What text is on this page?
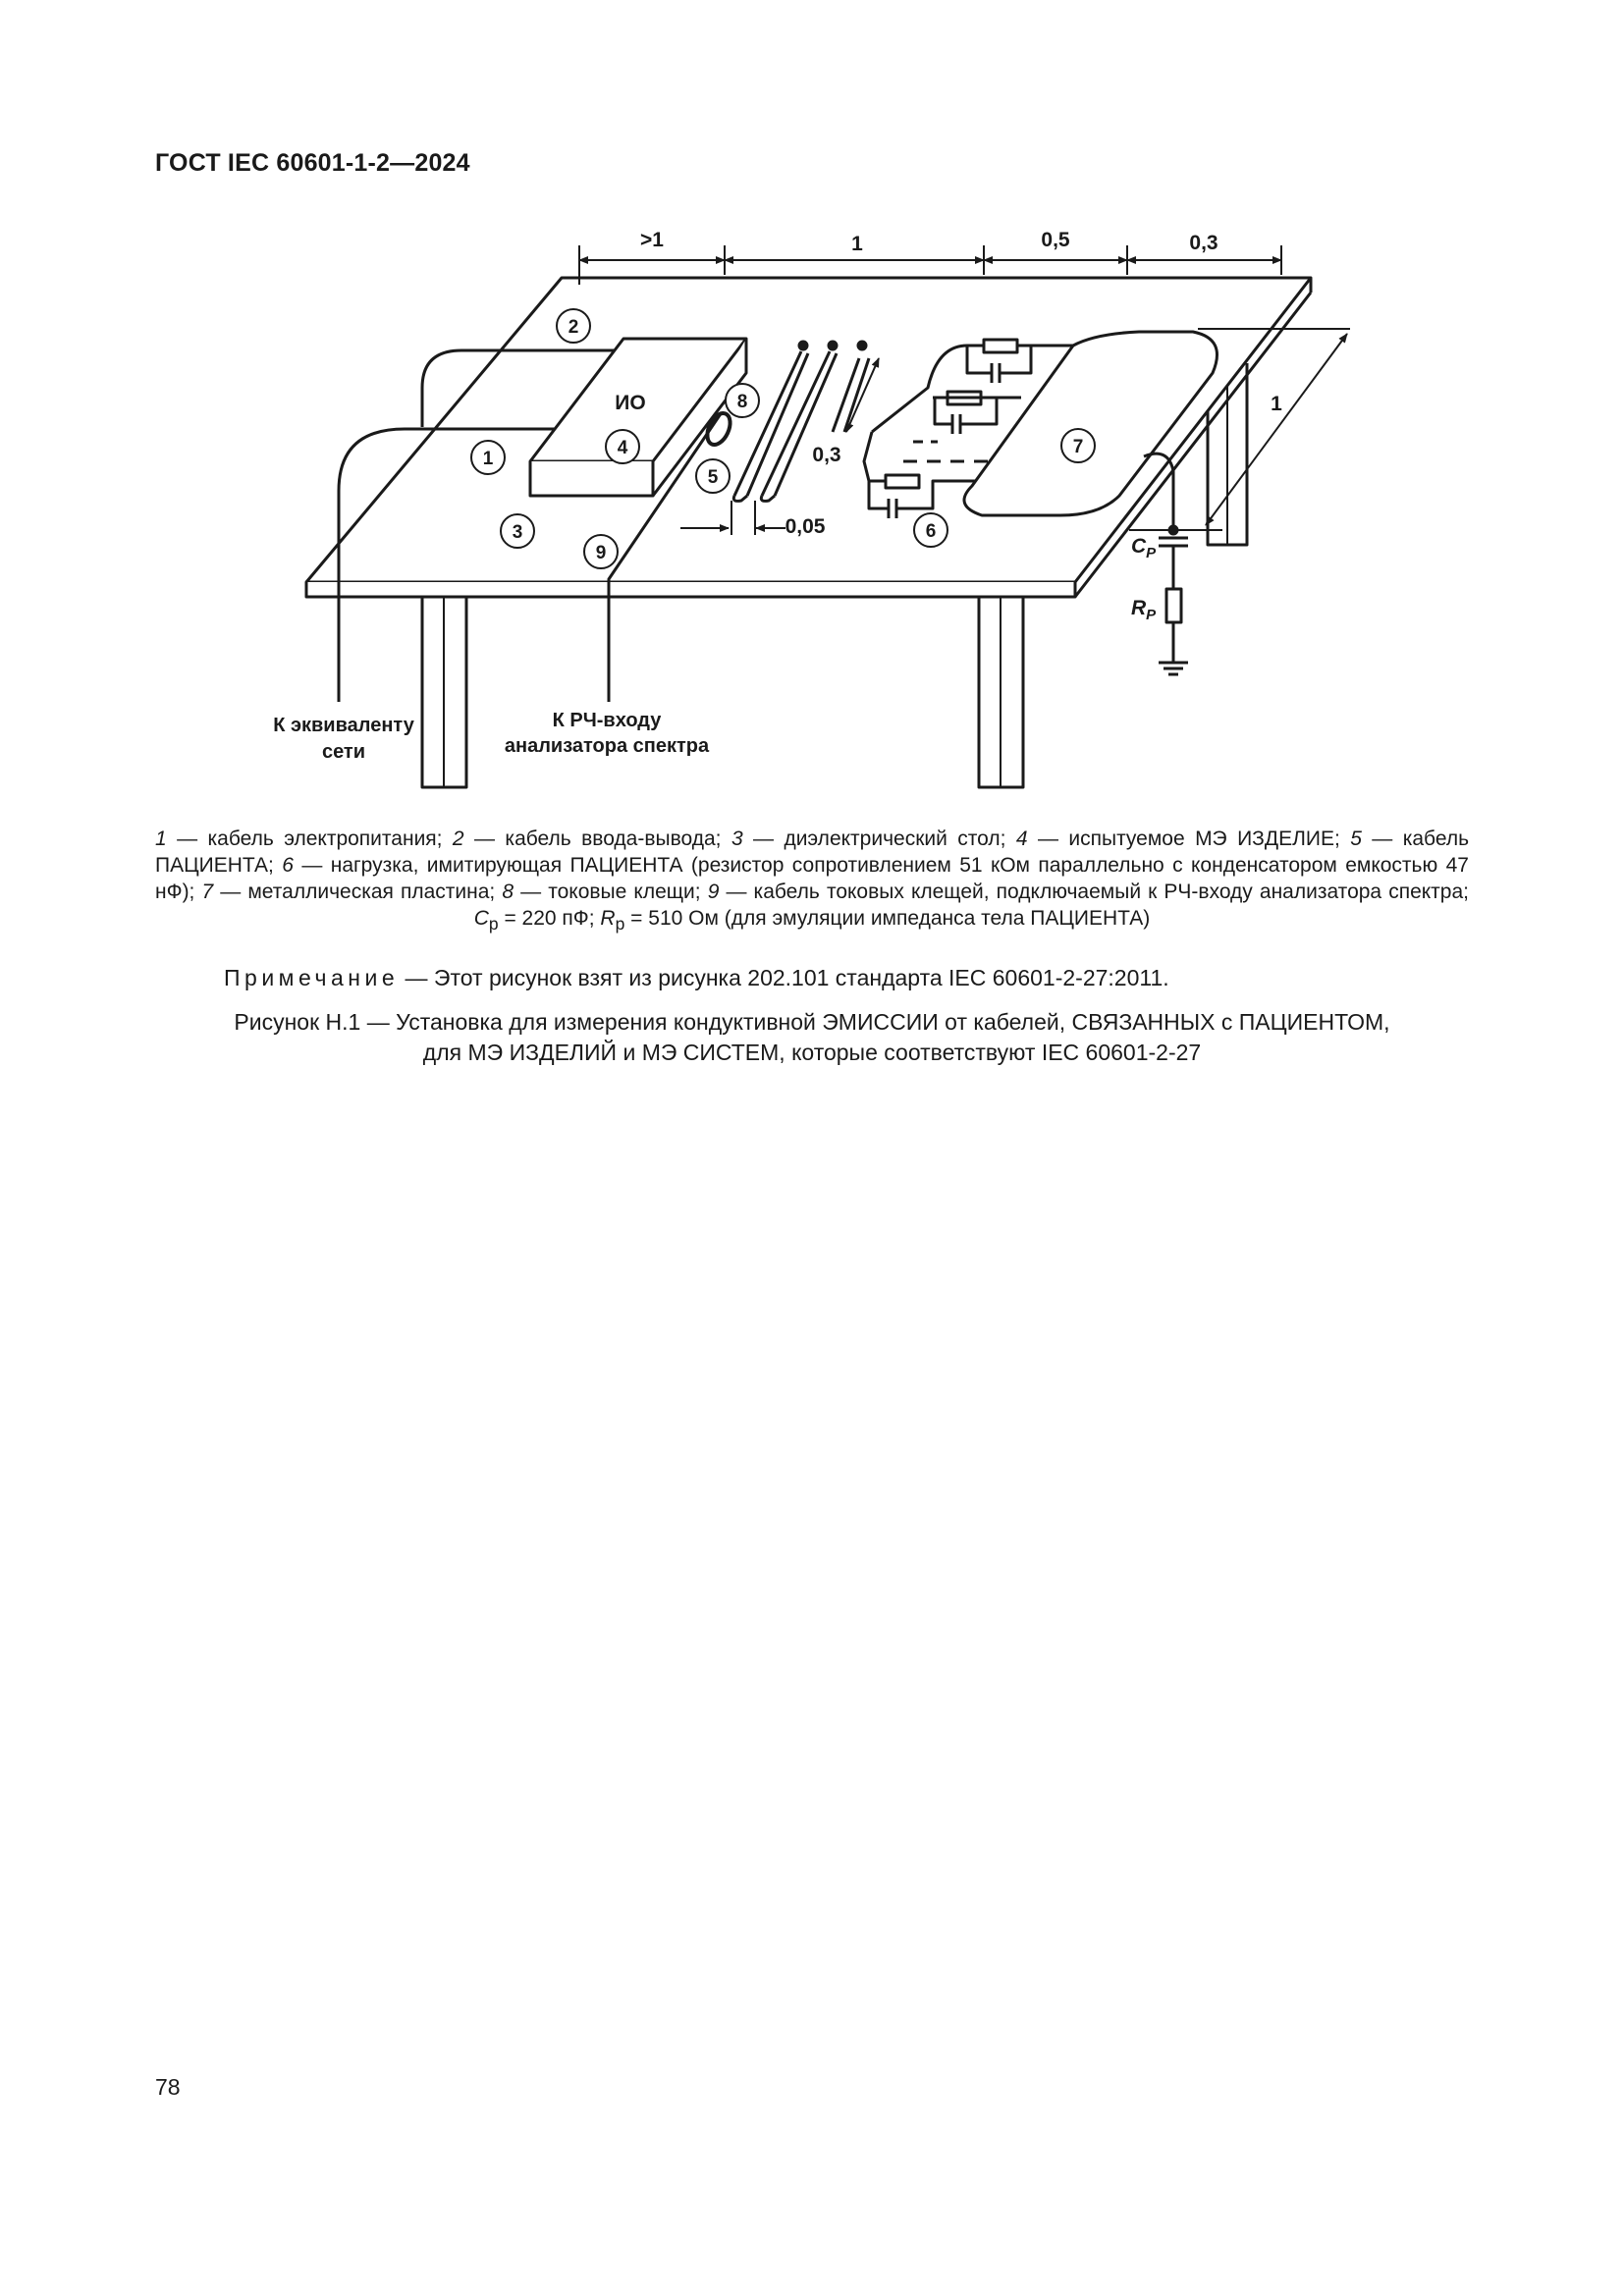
ГОСТ IEC 60601-1-2—2024
>1	1	0,5	0,3
1
0,3
0,05
ИО
1
2
3
4
5
6
7
8
9	$C_P$
$R_P$
К эквиваленту
сети
К РЧ-входу
анализатора спектра
1 — кабель электропитания; 2 — кабель ввода-вывода; 3 — диэлектрический стол; 4 — испытуемое МЭ ИЗДЕЛИЕ; 5 — кабель ПАЦИЕНТА; 6 — нагрузка, имитирующая ПАЦИЕНТА (резистор сопротивлением 51 кОм параллельно с конденсатором емкостью 47 нФ); 7 — металлическая пластина; 8 — токовые клещи; 9 — кабель токовых клещей, подключаемый к РЧ-входу анализатора спектра; $C_p = 220$ пФ; $R_p = 510$ Ом (для эмуляции импеданса тела ПАЦИЕНТА)
Примечание — Этот рисунок взят из рисунка 202.101 стандарта IEC 60601-2-27:2011.
Рисунок Н.1 — Установка для измерения кондуктивной ЭМИССИИ от кабелей, СВЯЗАННЫХ с ПАЦИЕНТОМ,
для МЭ ИЗДЕЛИЙ и МЭ СИСТЕМ, которые соответствуют IEC 60601-2-27
78
